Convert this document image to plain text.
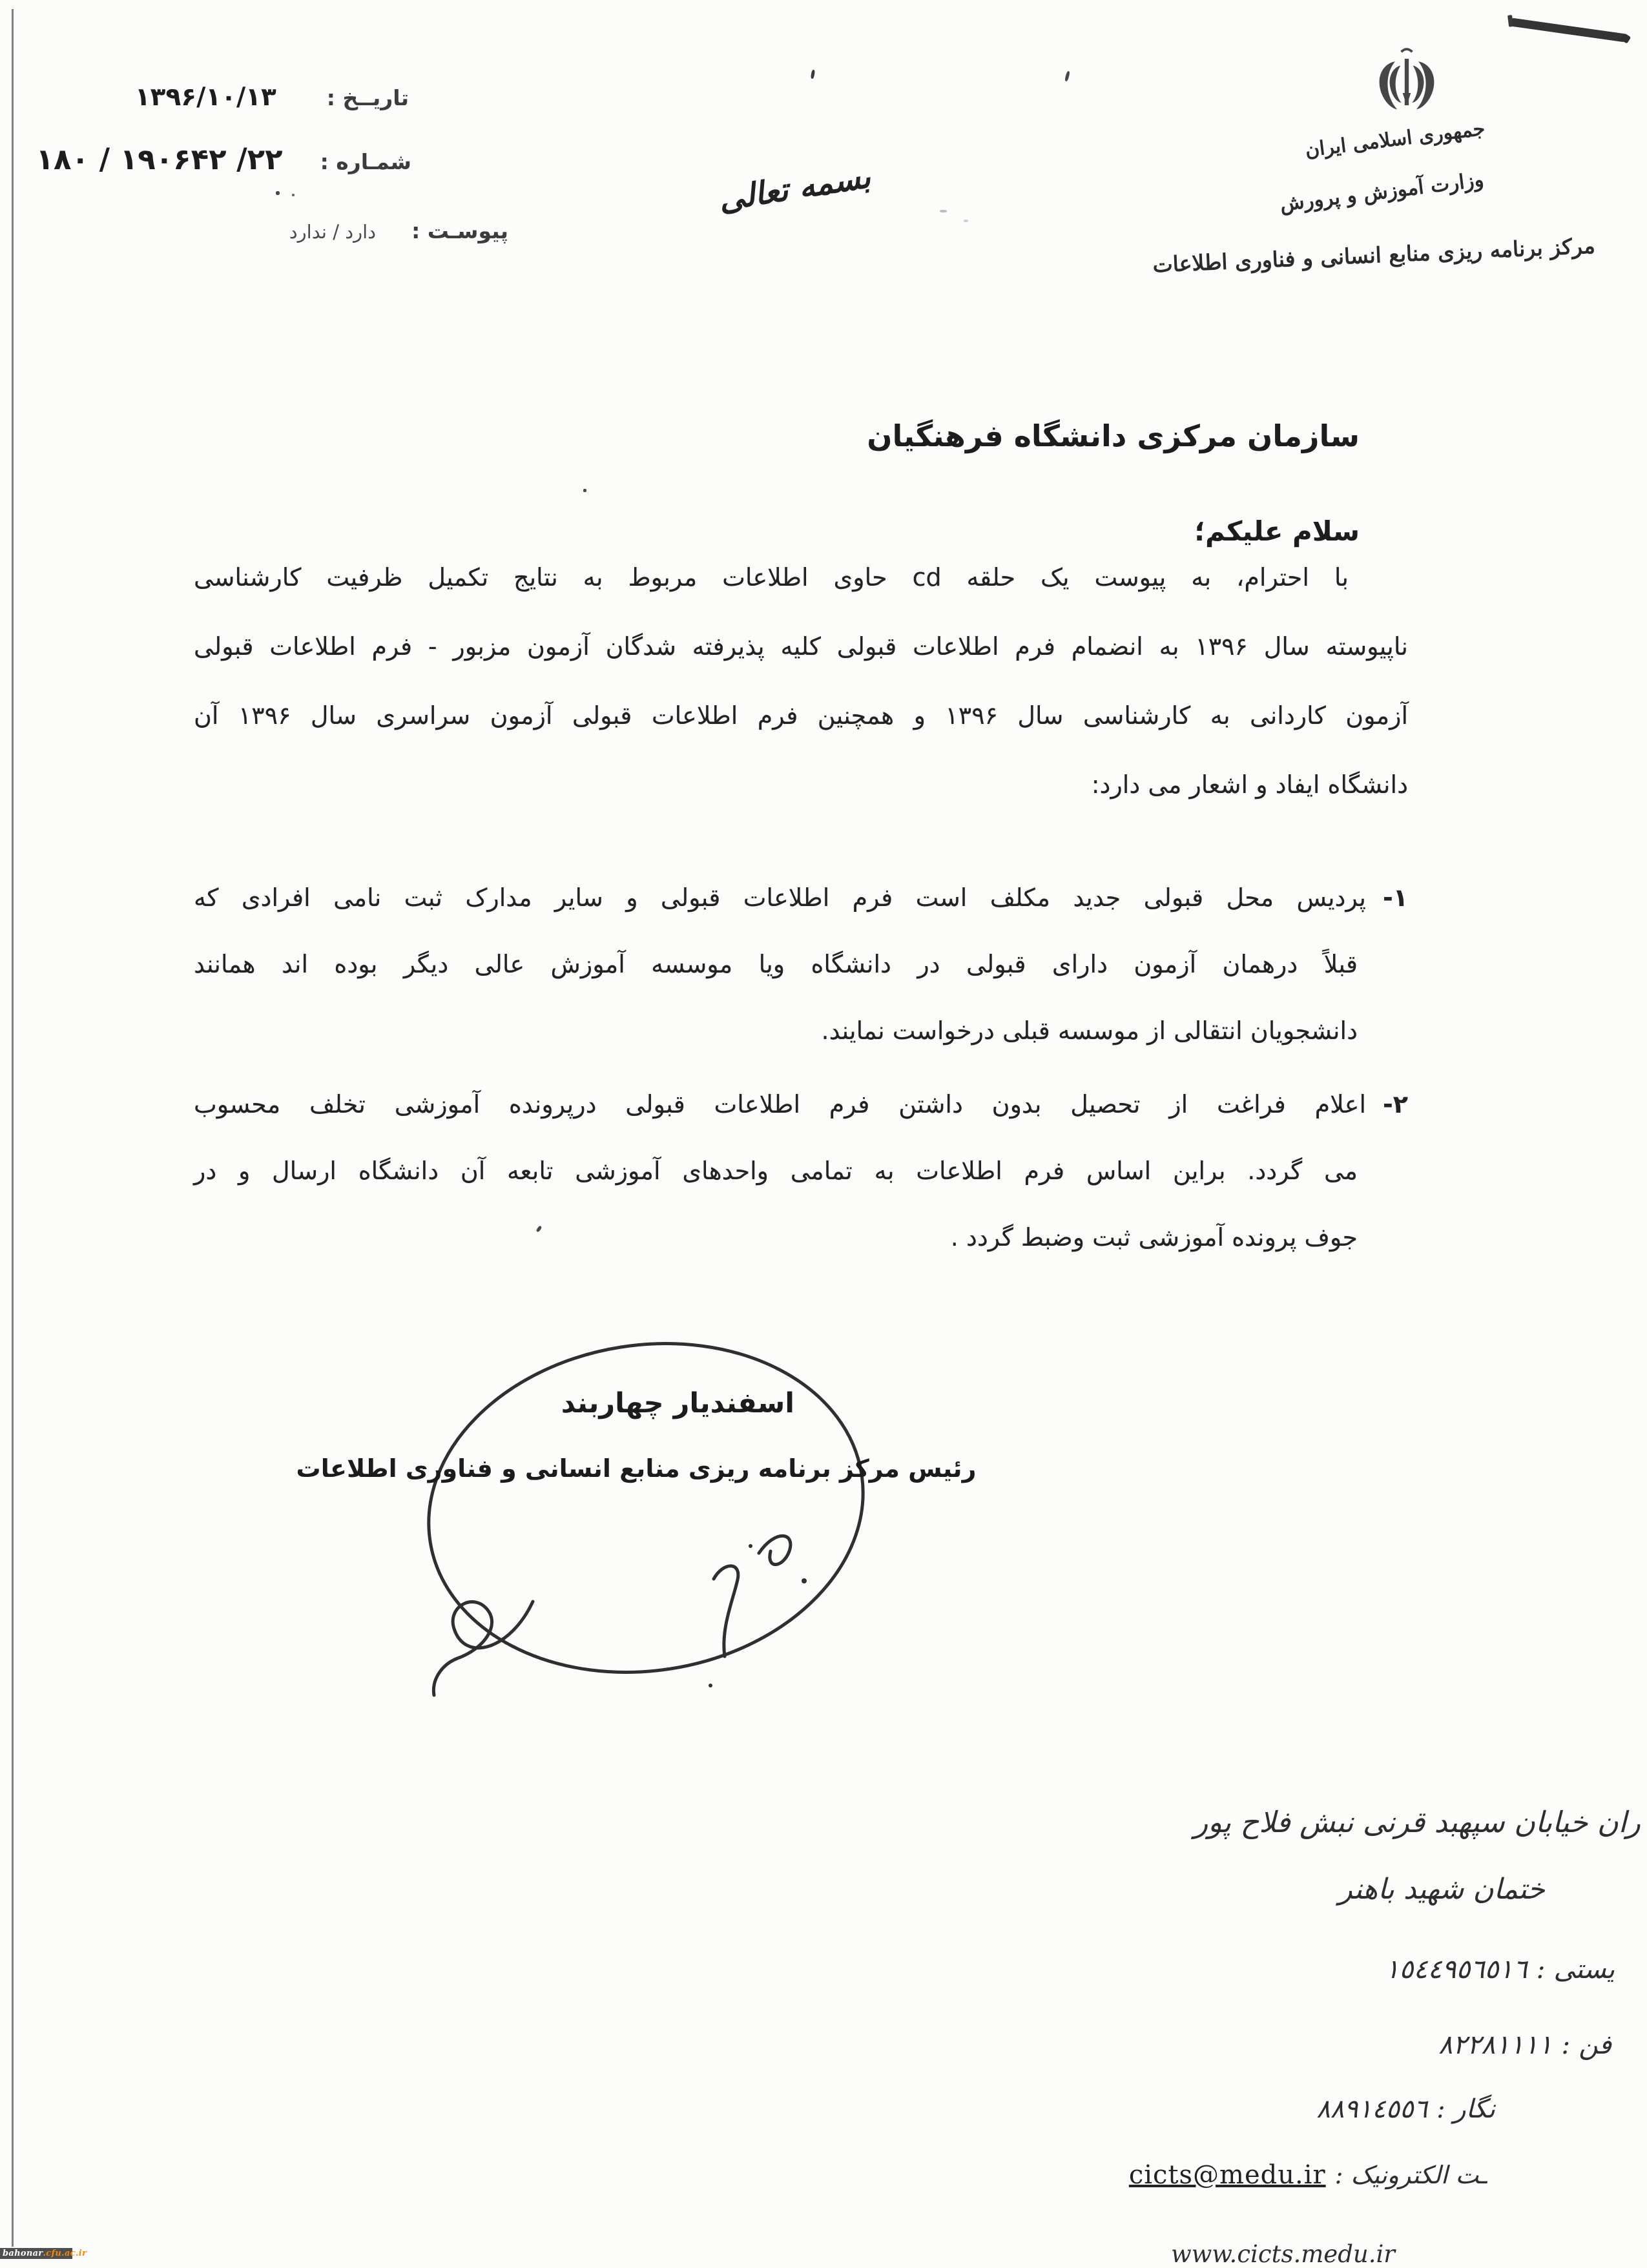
جمهوری اسلامی ایران
وزارت آموزش و پرورش
مرکز برنامه ریزی منابع انسانی و فناوری اطلاعات
بسمه تعالی
تاریــخ :
۱۳۹۶/۱۰/۱۳
شمـاره :
۱۸۰ / ۱۹۰۶۴۲ /۲۲
پیوسـت :
دارد / ندارد
سازمان مرکزی دانشگاه فرهنگیان
سلام علیکم؛
با احترام، به پیوست یک حلقه cd حاوی اطلاعات مربوط به نتایج تکمیل ظرفیت کارشناسی
ناپیوسته سال ۱۳۹۶ به انضمام فرم اطلاعات قبولی کلیه پذیرفته شدگان آزمون مزبور - فرم اطلاعات قبولی
آزمون کاردانی به کارشناسی سال ۱۳۹۶ و همچنین فرم اطلاعات قبولی آزمون سراسری سال ۱۳۹۶ آن
دانشگاه ایفاد و اشعار می دارد:
۱-پردیس محل قبولی جدید مکلف است فرم اطلاعات قبولی و سایر مدارک ثبت نامی افرادی که
قبلاً درهمان آزمون دارای قبولی در دانشگاه ویا موسسه آموزش عالی دیگر بوده اند همانند
دانشجویان انتقالی از موسسه قبلی درخواست نمایند.
۲-اعلام فراغت از تحصیل بدون داشتن فرم اطلاعات قبولی درپرونده آموزشی تخلف محسوب
می گردد. براین اساس فرم اطلاعات به تمامی واحدهای آموزشی تابعه آن دانشگاه ارسال و در
جوف پرونده آموزشی ثبت وضبط گردد .
اسفندیار چهاربند
رئیس مرکز برنامه ریزی منابع انسانی و فناوری اطلاعات
ران خیابان سپهبد قرنی نبش فلاح پور
ختمان شهید باهنر
یستی :
١٥٤٤٩٥٦٥١٦
فن :
٨٢٢٨١١١١
نگار :
٨٨٩١٤٥٥٦
ـت الکترونیک :
cicts@medu.ir
www.cicts.medu.ir
bahonar .cfu.ac.ir
